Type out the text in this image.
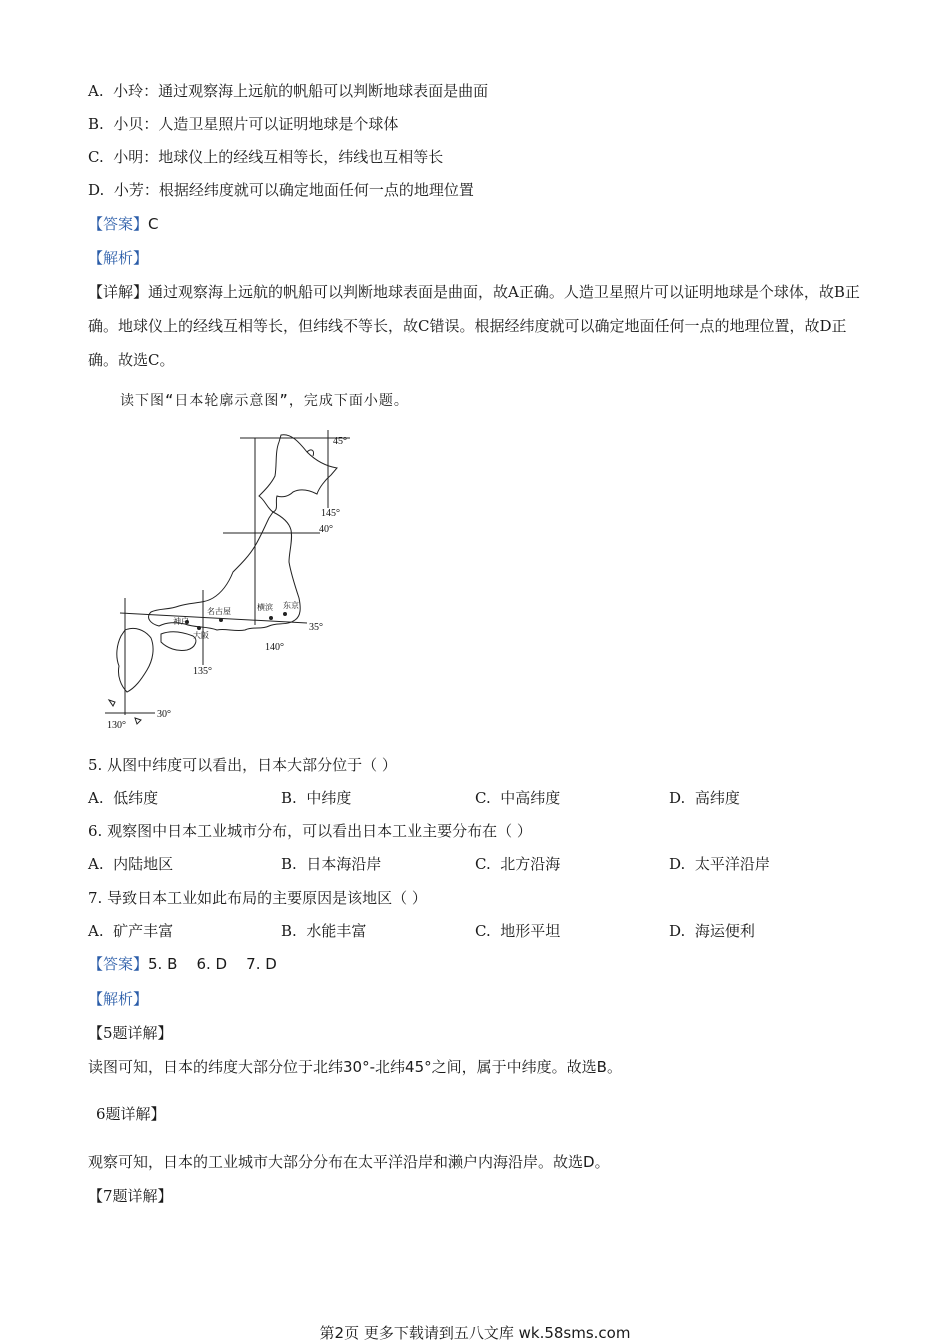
A. 小玲：通过观察海上远航的帆船可以判断地球表面是曲面
B. 小贝：人造卫星照片可以证明地球是个球体
C. 小明：地球仪上的经线互相等长，纬线也互相等长
D. 小芳：根据经纬度就可以确定地面任何一点的地理位置
【答案】C
【解析】
【详解】通过观察海上远航的帆船可以判断地球表面是曲面，故A正确。人造卫星照片可以证明地球是个球体，故B正确。地球仪上的经线互相等长，但纬线不等长，故C错误。根据经纬度就可以确定地面任何一点的地理位置，故D正确。故选C。
读下图“日本轮廓示意图”，完成下面小题。
45°
40°
35°
30°
145°
140°
135°
130°
东京
横滨
名古屋
神户
大阪
5. 从图中纬度可以看出，日本大部分位于（ ）
A. 低纬度	B. 中纬度	C. 中高纬度	D. 高纬度
6. 观察图中日本工业城市分布，可以看出日本工业主要分布在（ ）
A. 内陆地区	B. 日本海沿岸	C. 北方沿海	D. 太平洋沿岸
7. 导致日本工业如此布局的主要原因是该地区（ ）
A. 矿产丰富	B. 水能丰富	C. 地形平坦	D. 海运便利
【答案】5. B    6. D    7. D
【解析】
【5题详解】
读图可知，日本的纬度大部分位于北纬30°-北纬45°之间，属于中纬度。故选B。
6题详解】
观察可知，日本的工业城市大部分分布在太平洋沿岸和濑户内海沿岸。故选D。
【7题详解】
第2页 更多下载请到五八文库 wk.58sms.com
